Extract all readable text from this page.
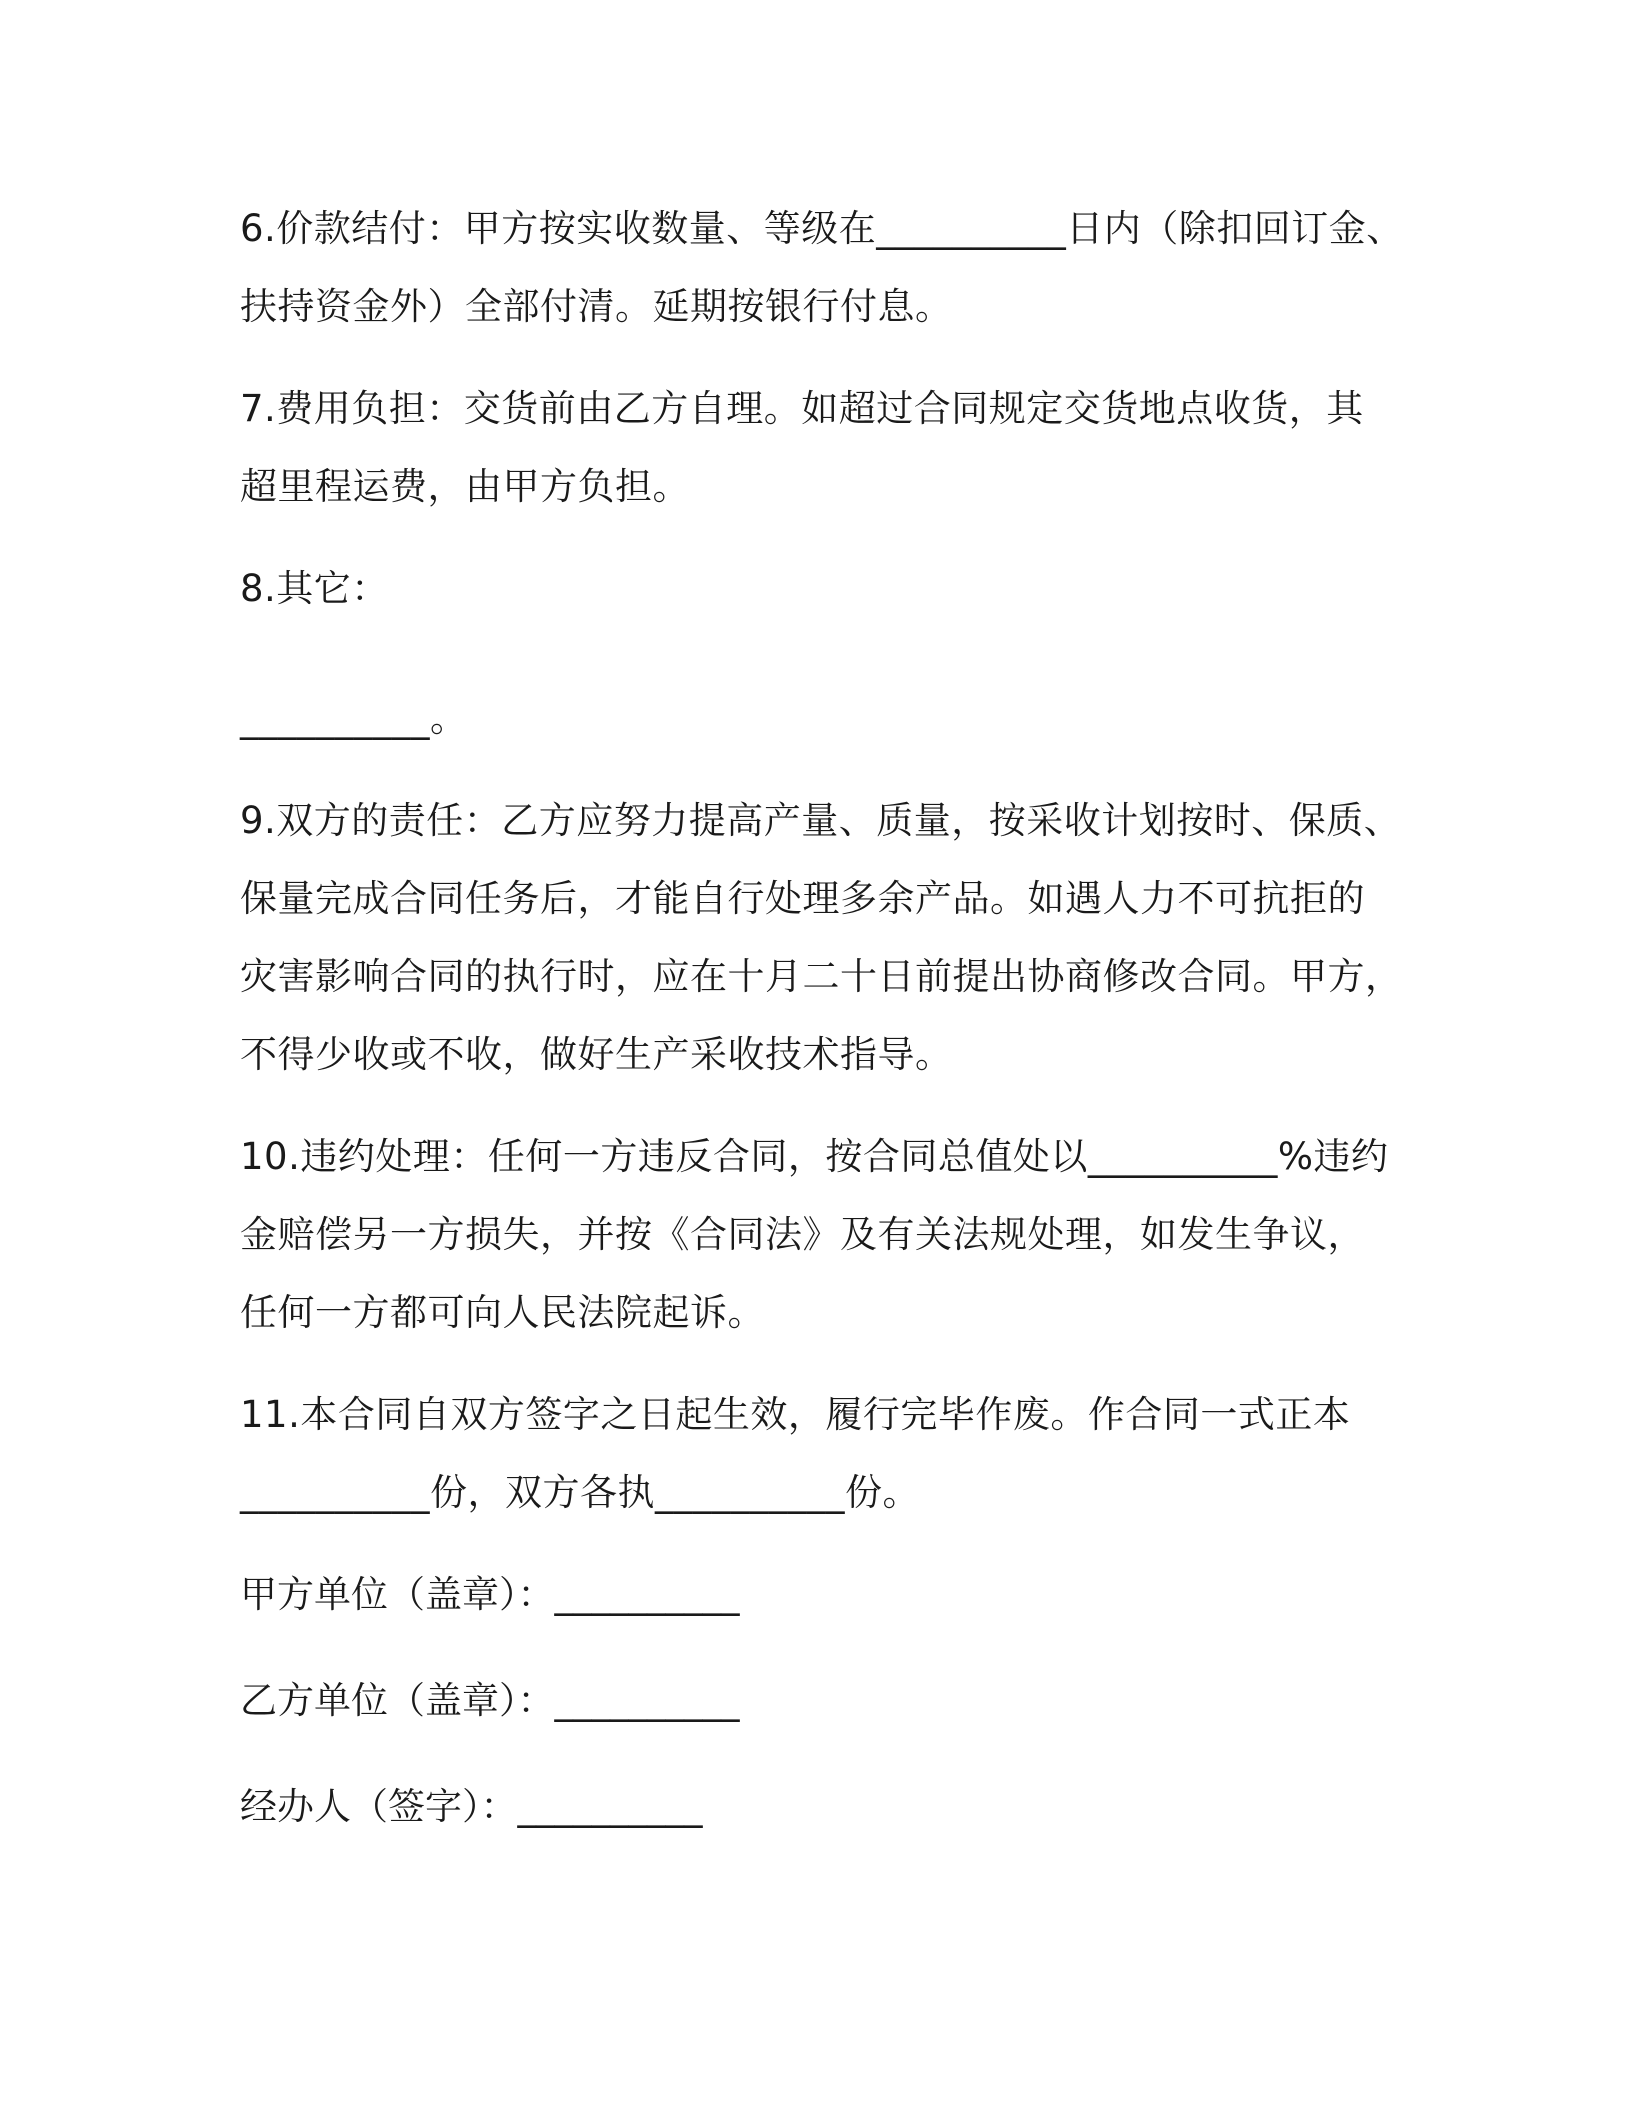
6.价款结付：甲方按实收数量、等级在__________日内（除扣回订金、
扶持资金外）全部付清。延期按银行付息。

7.费用负担：交货前由乙方自理。如超过合同规定交货地点收货，其
超里程运费，由甲方负担。

8.其它：

__________。

9.双方的责任：乙方应努力提高产量、质量，按采收计划按时、保质、
保量完成合同任务后，才能自行处理多余产品。如遇人力不可抗拒的
灾害影响合同的执行时，应在十月二十日前提出协商修改合同。甲方，
不得少收或不收，做好生产采收技术指导。

10.违约处理：任何一方违反合同，按合同总值处以__________%违约
金赔偿另一方损失，并按《合同法》及有关法规处理，如发生争议，
任何一方都可向人民法院起诉。

11.本合同自双方签字之日起生效，履行完毕作废。作合同一式正本
__________份，双方各执__________份。

甲方单位（盖章）：__________

乙方单位（盖章）：__________

经办人（签字）：__________
